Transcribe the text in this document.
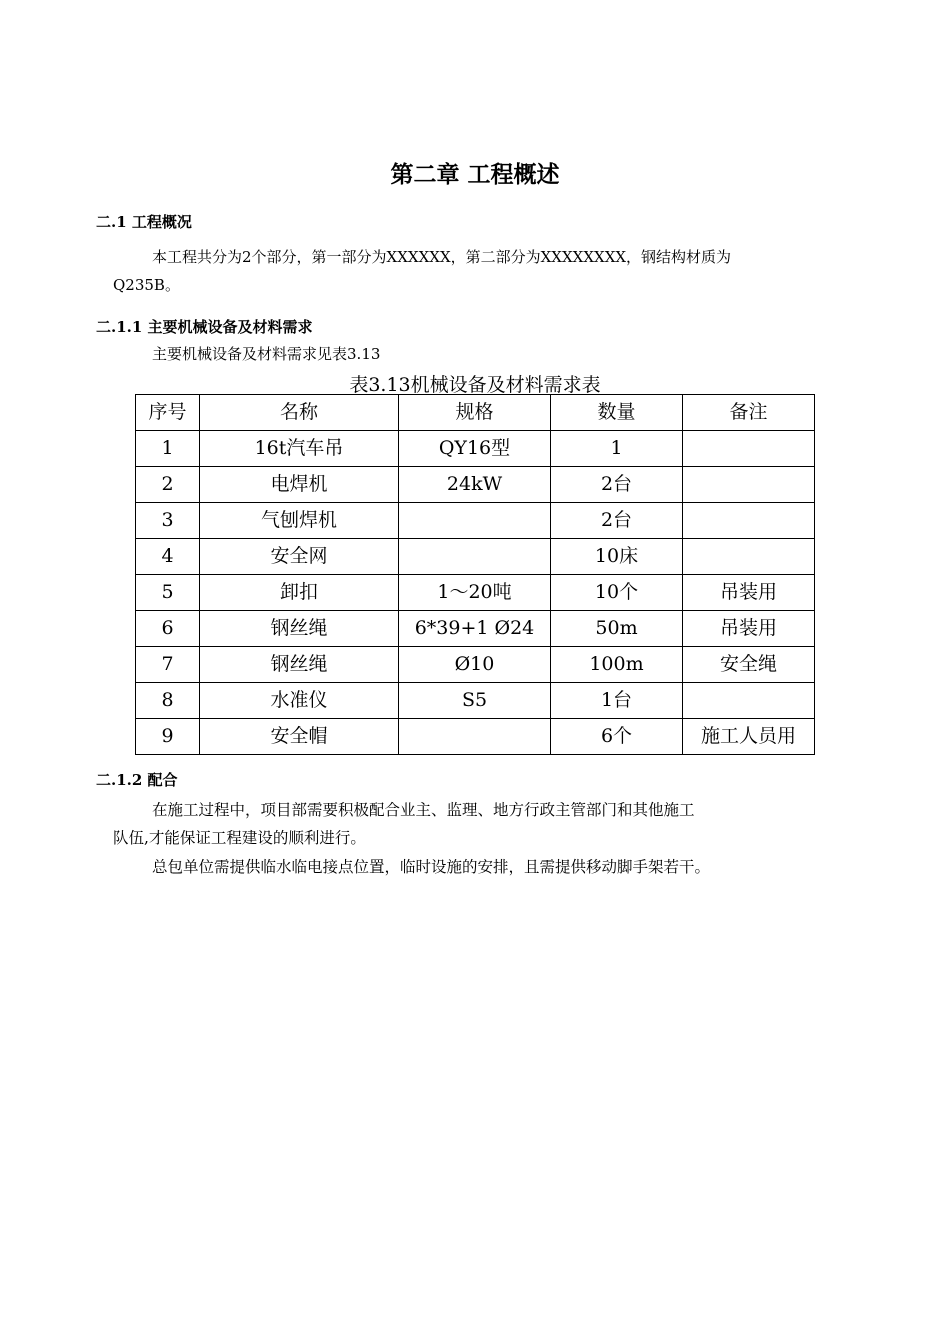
第二章 工程概述
二.1 工程概况
本工程共分为2个部分，第一部分为XXXXXX，第二部分为XXXXXXXX，钢结构材质为
Q235B。
二.1.1 主要机械设备及材料需求
主要机械设备及材料需求见表3.13
表3.13机械设备及材料需求表
序号	名称	规格	数量	备注
1	16t汽车吊	QY16型	1	
2	电焊机	24kW	2台	
3	气刨焊机		2台	
4	安全网		10床	
5	卸扣	1～20吨	10个	吊装用
6	钢丝绳	6*39+1 Ø24	50m	吊装用
7	钢丝绳	Ø10	100m	安全绳
8	水准仪	S5	1台	
9	安全帽		6个	施工人员用
二.1.2 配合
在施工过程中，项目部需要积极配合业主、监理、地方行政主管部门和其他施工
队伍,才能保证工程建设的顺利进行。
总包单位需提供临水临电接点位置，临时设施的安排，且需提供移动脚手架若干。
